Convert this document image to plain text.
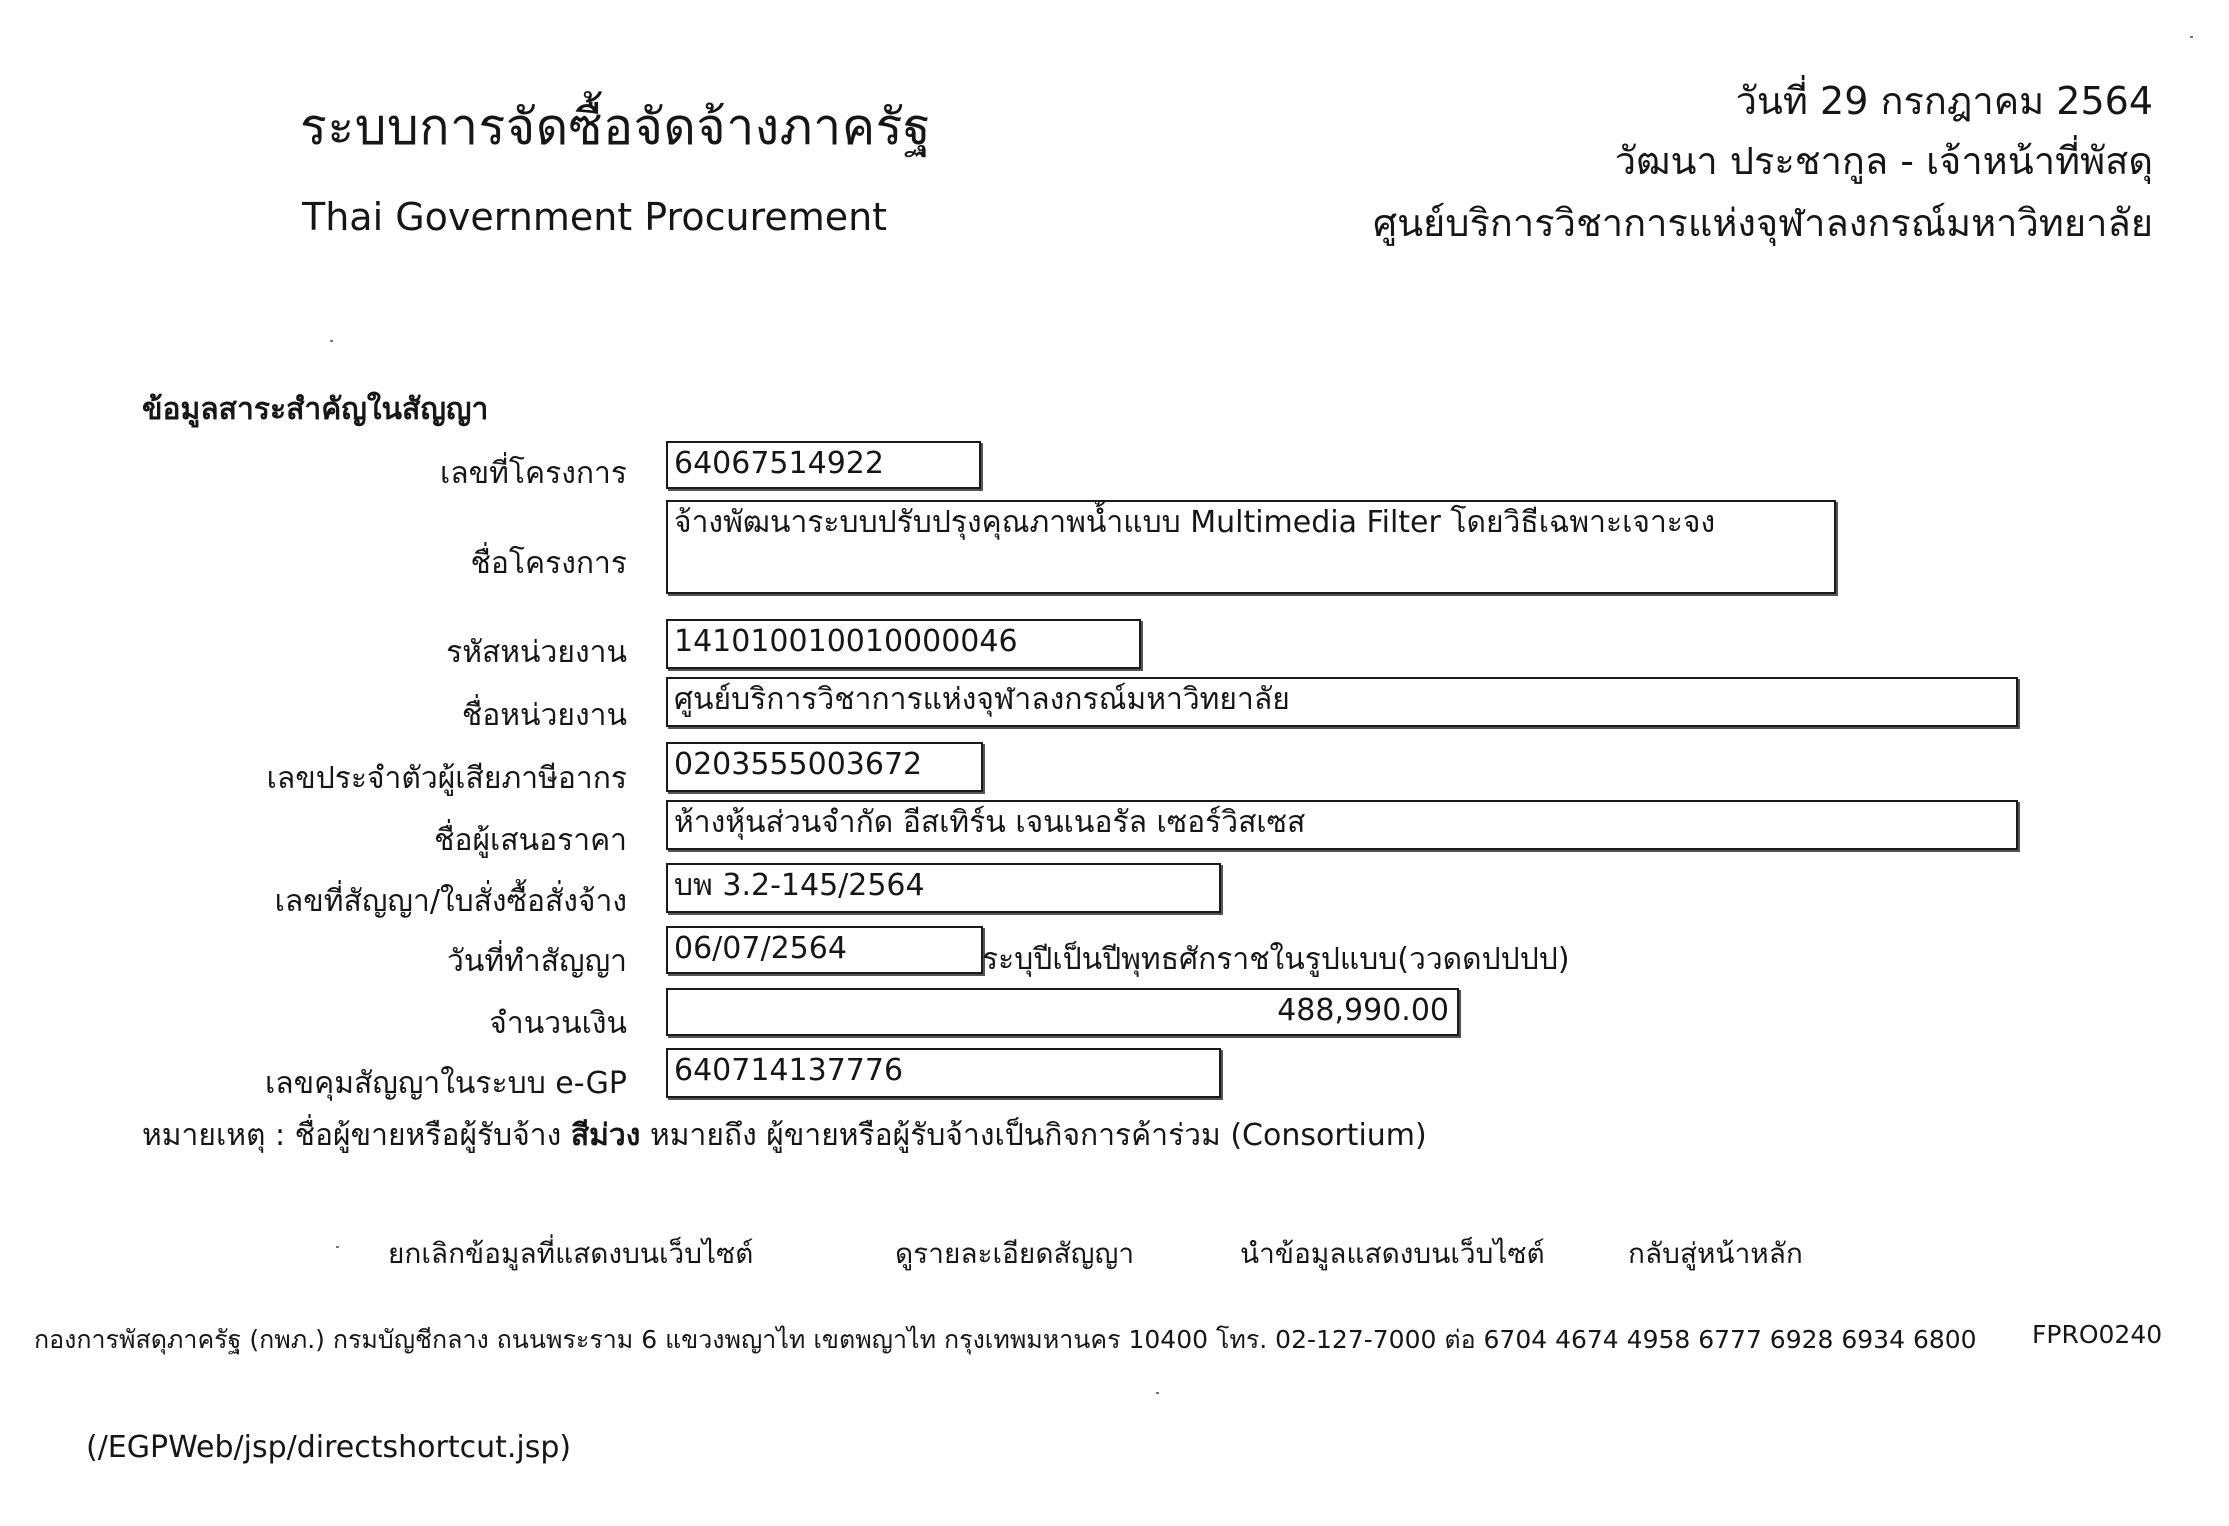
ระบบการจัดซื้อจัดจ้างภาครัฐ
Thai Government Procurement
วันที่ 29 กรกฎาคม 2564
วัฒนา ประชากูล - เจ้าหน้าที่พัสดุ
ศูนย์บริการวิชาการแห่งจุฬาลงกรณ์มหาวิทยาลัย
ข้อมูลสาระสำคัญในสัญญา
เลขที่โครงการ 64067514922
ชื่อโครงการ
จ้างพัฒนาระบบปรับปรุงคุณภาพน้ำแบบ Multimedia Filter โดยวิธีเฉพาะเจาะจง
รหัสหน่วยงาน 141010010010000046
ชื่อหน่วยงาน ศูนย์บริการวิชาการแห่งจุฬาลงกรณ์มหาวิทยาลัย
เลขประจำตัวผู้เสียภาษีอากร 0203555003672
ชื่อผู้เสนอราคา
ห้างหุ้นส่วนจำกัด อีสเทิร์น เจนเนอรัล เซอร์วิสเซส
เลขที่สัญญา/ใบสั่งซื้อสั่งจ้าง บพ 3.2-145/2564
วันที่ทำสัญญา 06/07/2564	ระบุปีเป็นปีพุทธศักราชในรูปแบบ(ววดดปปปป)
จำนวนเงิน	488,990.00
เลขคุมสัญญาในระบบ e-GP 640714137776
หมายเหตุ : ชื่อผู้ขายหรือผู้รับจ้าง สีม่วง หมายถึง ผู้ขายหรือผู้รับจ้างเป็นกิจการค้าร่วม (Consortium)
ยกเลิกข้อมูลที่แสดงบนเว็บไซต์	ดูรายละเอียดสัญญา	นำข้อมูลแสดงบนเว็บไซต์	กลับสู่หน้าหลัก
กองการพัสดุภาครัฐ (กพภ.) กรมบัญชีกลาง ถนนพระราม 6 แขวงพญาไท เขตพญาไท กรุงเทพมหานคร 10400 โทร. 02-127-7000 ต่อ 6704 4674 4958 6777 6928 6934 6800 FPRO0240
(/EGPWeb/jsp/directshortcut.jsp)
